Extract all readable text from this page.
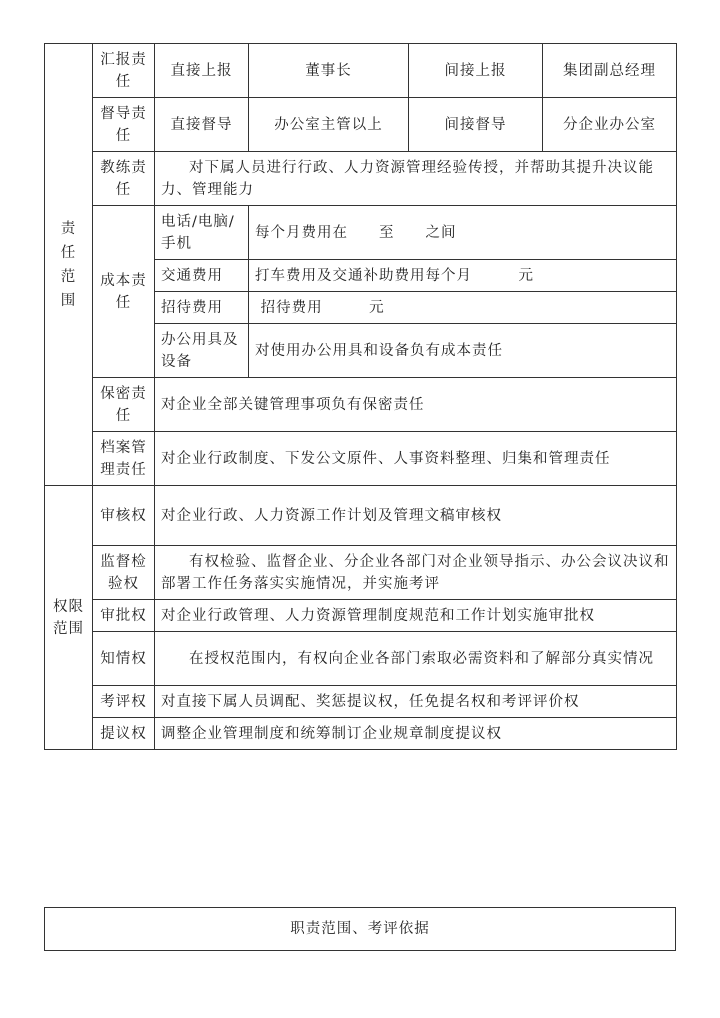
责任范围	汇报责任	直接上报	董事长	间接上报	集团副总经理
	督导责任	直接督导	办公室主管以上	间接督导	分企业办公室
	教练责任	对下属人员进行行政、人力资源管理经验传授，并帮助其提升决议能力、管理能力			
	成本责任	电话/电脑/手机	每个月费用在　　至　　之间		
		交通费用	打车费用及交通补助费用每个月　　　元		
		招待费用	招待费用　　　元		
		办公用具及设备	对使用办公用具和设备负有成本责任		
	保密责任	对企业全部关键管理事项负有保密责任			
	档案管理责任	对企业行政制度、下发公文原件、人事资料整理、归集和管理责任			

权限范围	审核权	对企业行政、人力资源工作计划及管理文稿审核权			
	监督检验权	有权检验、监督企业、分企业各部门对企业领导指示、办公会议决议和部署工作任务落实实施情况，并实施考评			
	审批权	对企业行政管理、人力资源管理制度规范和工作计划实施审批权			
	知情权	在授权范围内，有权向企业各部门索取必需资料和了解部分真实情况			
	考评权	对直接下属人员调配、奖惩提议权，任免提名权和考评评价权			
	提议权	调整企业管理制度和统筹制订企业规章制度提议权			
职责范围、考评依据
